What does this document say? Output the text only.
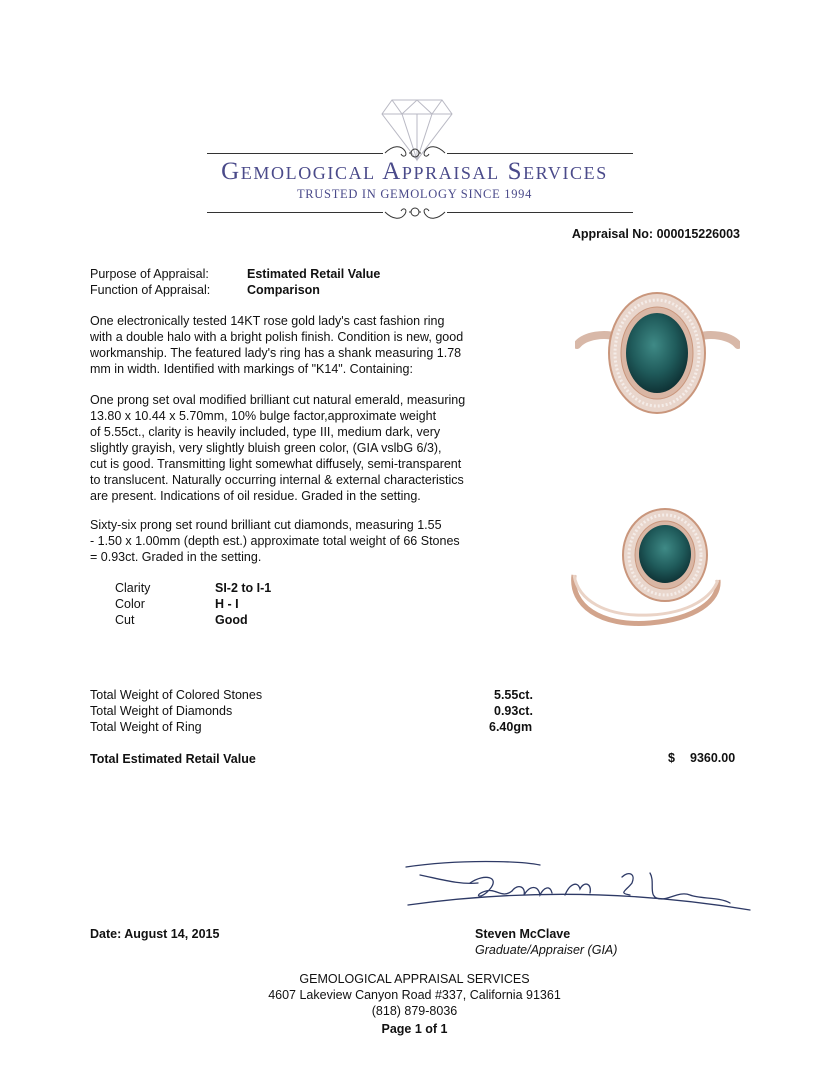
Gemological Appraisal Services
TRUSTED IN GEMOLOGY SINCE 1994
Appraisal No: 000015226003
Purpose of Appraisal:	Estimated Retail Value
Function of Appraisal:	Comparison
One electronically tested 14KT rose gold lady's cast fashion ring
with a double halo with a bright polish finish. Condition is new, good
workmanship. The featured lady's ring has a shank measuring 1.78
mm in width. Identified with markings of "K14". Containing:
One prong set oval modified brilliant cut natural emerald, measuring
13.80 x 10.44 x 5.70mm, 10% bulge factor,approximate weight
of 5.55ct., clarity is heavily included, type III, medium dark, very
slightly grayish, very slightly bluish green color, (GIA vslbG 6/3),
cut is good. Transmitting light somewhat diffusely, semi-transparent
to translucent. Naturally occurring internal & external characteristics
are present. Indications of oil residue. Graded in the setting.
Sixty-six prong set round brilliant cut diamonds, measuring 1.55
- 1.50 x 1.00mm (depth est.) approximate total weight of 66 Stones
= 0.93ct. Graded in the setting.
Clarity	SI-2 to I-1
Color	H - I
Cut	Good
Total Weight of Colored Stones	5.55ct.
Total Weight of Diamonds	0.93ct.
Total Weight of Ring	6.40gm
Total Estimated Retail Value	$ 9360.00
Date: August 14, 2015	Steven McClave
Graduate/Appraiser (GIA)
GEMOLOGICAL APPRAISAL SERVICES
4607 Lakeview Canyon Road #337, California 91361
(818) 879-8036
Page 1 of 1
